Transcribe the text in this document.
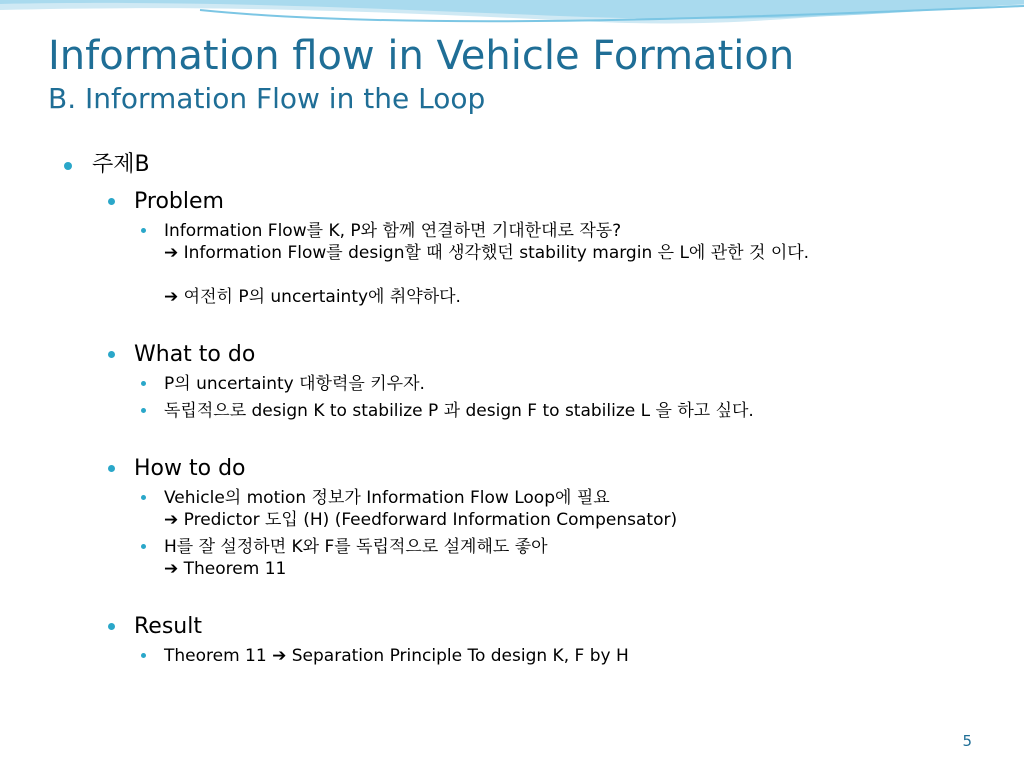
Information flow in Vehicle Formation
B. Information Flow in the Loop
주제B
Problem
Information Flow를 K, P와 함께 연결하면 기대한대로 작동?
➔ Information Flow를 design할 때 생각했던 stability margin 은 L에 관한 것 이다.
➔ 여전히 P의 uncertainty에 취약하다.
What to do
P의 uncertainty 대항력을 키우자.
독립적으로 design K to stabilize P 과 design F to stabilize L 을 하고 싶다.
How to do
Vehicle의 motion 정보가 Information Flow Loop에 필요
➔ Predictor 도입 (H) (Feedforward Information Compensator)
H를 잘 설정하면 K와 F를 독립적으로 설계해도 좋아
➔ Theorem 11
Result
Theorem 11 ➔ Separation Principle To design K, F by H
5
